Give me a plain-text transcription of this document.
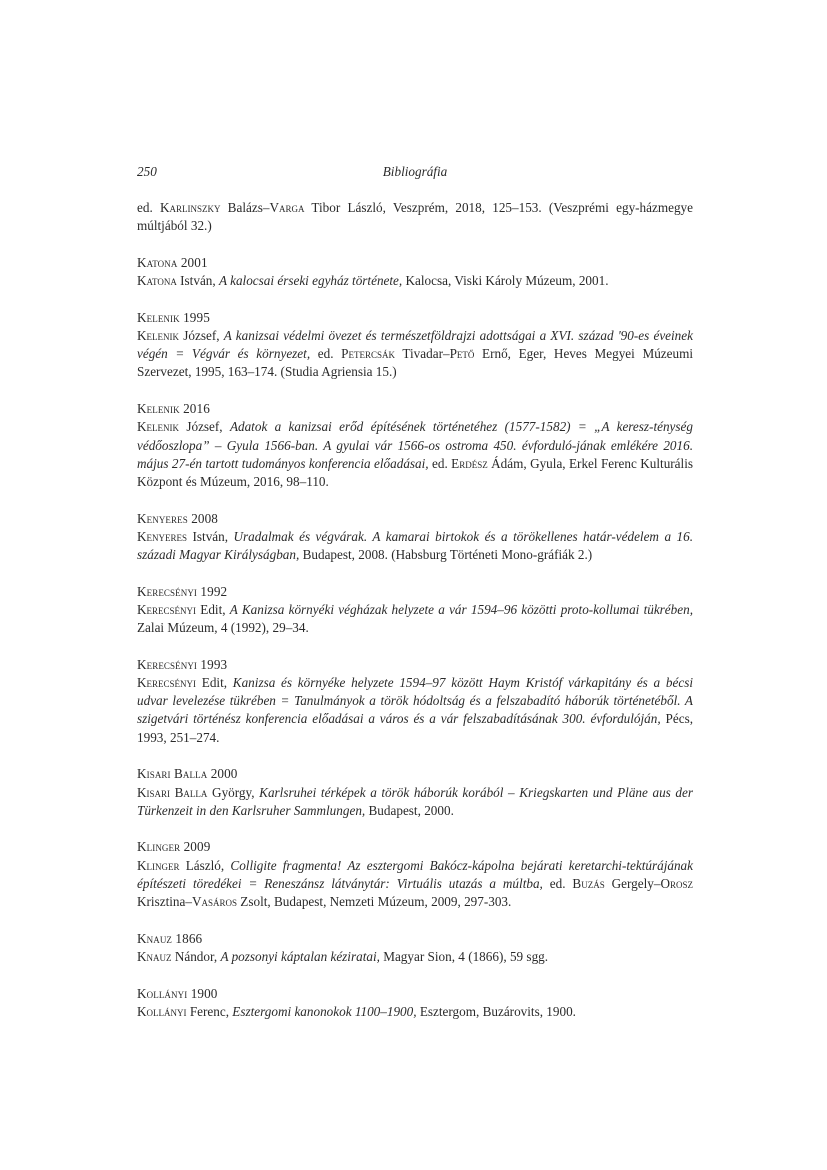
250	Bibliográfia

ed. Karlinszky Balázs–Varga Tibor László, Veszprém, 2018, 125–153. (Veszprémi egy-házmegye múltjából 32.)

Katona 2001

Katona István, A kalocsai érseki egyház története, Kalocsa, Viski Károly Múzeum, 2001.

Kelenik 1995

Kelenik József, A kanizsai védelmi övezet és természetföldrajzi adottságai a XVI. század '90-es éveinek végén = Végvár és környezet, ed. Petercsák Tivadar–Pető Ernő, Eger, Heves Megyei Múzeumi Szervezet, 1995, 163–174. (Studia Agriensia 15.)

Kelenik 2016

Kelenik József, Adatok a kanizsai erőd építésének történetéhez (1577-1582) = „A keresz-ténység védőoszlopa” – Gyula 1566-ban. A gyulai vár 1566-os ostroma 450. évforduló-jának emlékére 2016. május 27-én tartott tudományos konferencia előadásai, ed. Erdész Ádám, Gyula, Erkel Ferenc Kulturális Központ és Múzeum, 2016, 98–110.

Kenyeres 2008

Kenyeres István, Uradalmak és végvárak. A kamarai birtokok és a törökellenes határ-védelem a 16. századi Magyar Királyságban, Budapest, 2008. (Habsburg Történeti Mono-gráfiák 2.)

Kerecsényi 1992

Kerecsényi Edit, A Kanizsa környéki végházak helyzete a vár 1594–96 közötti proto-kollumai tükrében, Zalai Múzeum, 4 (1992), 29–34.

Kerecsényi 1993

Kerecsényi Edit, Kanizsa és környéke helyzete 1594–97 között Haym Kristóf várkapitány és a bécsi udvar levelezése tükrében = Tanulmányok a török hódoltság és a felszabadító háborúk történetéből. A szigetvári történész konferencia előadásai a város és a vár felszabadításának 300. évfordulóján, Pécs, 1993, 251–274.

Kisari Balla 2000

Kisari Balla György, Karlsruhei térképek a török háborúk korából – Kriegskarten und Pläne aus der Türkenzeit in den Karlsruher Sammlungen, Budapest, 2000.

Klinger 2009

Klinger László, Colligite fragmenta! Az esztergomi Bakócz-kápolna bejárati keretarchi-tektúrájának építészeti töredékei = Reneszánsz látványtár: Virtuális utazás a múltba, ed. Buzás Gergely–Orosz Krisztina–Vasáros Zsolt, Budapest, Nemzeti Múzeum, 2009, 297-303.

Knauz 1866

Knauz Nándor, A pozsonyi káptalan kéziratai, Magyar Sion, 4 (1866), 59 sgg.

Kollányi 1900

Kollányi Ferenc, Esztergomi kanonokok 1100–1900, Esztergom, Buzárovits, 1900.
